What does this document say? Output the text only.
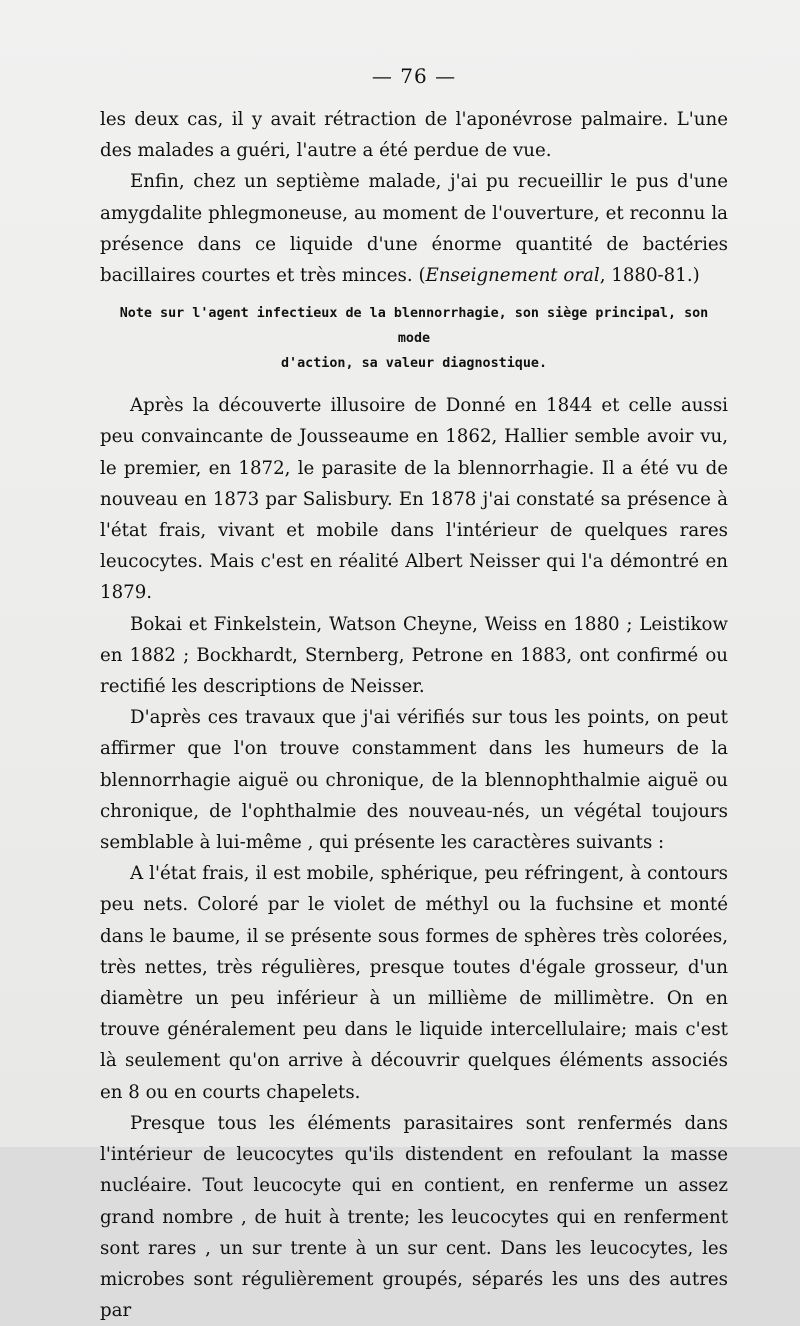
— 76 —

les deux cas, il y avait rétraction de l'aponévrose palmaire. L'une des malades a guéri, l'autre a été perdue de vue.

Enfin, chez un septième malade, j'ai pu recueillir le pus d'une amygdalite phlegmoneuse, au moment de l'ouverture, et reconnu la présence dans ce liquide d'une énorme quantité de bactéries bacillaires courtes et très minces. (Enseignement oral, 1880-81.)

Note sur l'agent infectieux de la blennorrhagie, son siège principal, son mode
d'action, sa valeur diagnostique.

Après la découverte illusoire de Donné en 1844 et celle aussi peu convaincante de Jousseaume en 1862, Hallier semble avoir vu, le premier, en 1872, le parasite de la blennorrhagie. Il a été vu de nouveau en 1873 par Salisbury. En 1878 j'ai constaté sa présence à l'état frais, vivant et mobile dans l'intérieur de quelques rares leucocytes. Mais c'est en réalité Albert Neisser qui l'a démontré en 1879.

Bokai et Finkelstein, Watson Cheyne, Weiss en 1880 ; Leistikow en 1882 ; Bockhardt, Sternberg, Petrone en 1883, ont confirmé ou rectifié les descriptions de Neisser.

D'après ces travaux que j'ai vérifiés sur tous les points, on peut affirmer que l'on trouve constamment dans les humeurs de la blennorrhagie aiguë ou chronique, de la blennophthalmie aiguë ou chronique, de l'ophthalmie des nouveau-nés, un végétal toujours semblable à lui-même , qui présente les caractères suivants :

A l'état frais, il est mobile, sphérique, peu réfringent, à contours peu nets. Coloré par le violet de méthyl ou la fuchsine et monté dans le baume, il se présente sous formes de sphères très colorées, très nettes, très régulières, presque toutes d'égale grosseur, d'un diamètre un peu inférieur à un millième de millimètre. On en trouve généralement peu dans le liquide intercellulaire; mais c'est là seulement qu'on arrive à découvrir quelques éléments associés en 8 ou en courts chapelets.

Presque tous les éléments parasitaires sont renfermés dans l'intérieur de leucocytes qu'ils distendent en refoulant la masse nucléaire. Tout leucocyte qui en contient, en renferme un assez grand nombre , de huit à trente; les leucocytes qui en renferment sont rares , un sur trente à un sur cent. Dans les leucocytes, les microbes sont régulièrement groupés, séparés les uns des autres par
